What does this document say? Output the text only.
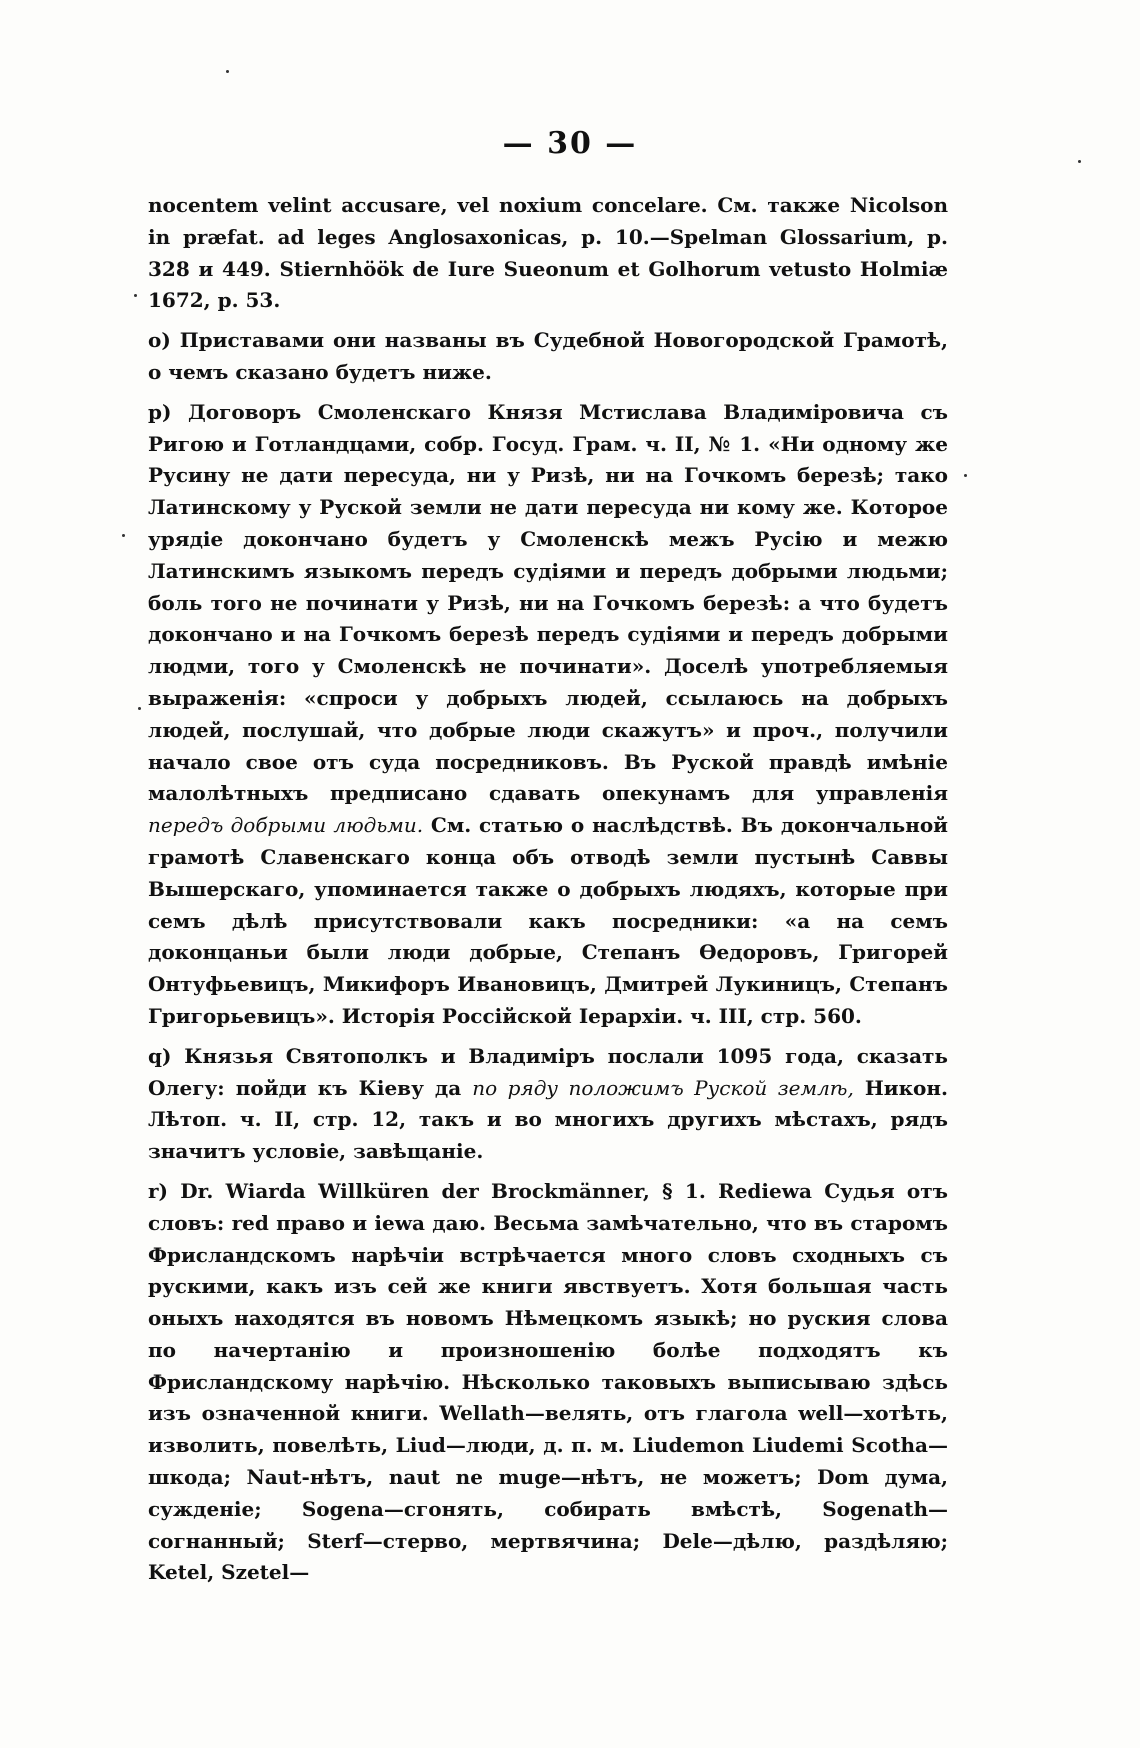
— 30 —

nocentem velint accusare, vel noxium concelare. См. также Nicolson in præfat. ad leges Anglosaxonicas, p. 10.—Spelman Glossarium, p. 328 и 449. Stiernhöök de Iure Sueonum et Golhorum vetusto Holmiæ 1672, p. 53.

о) Приставами они названы въ Судебной Новогородской Грамотѣ, о чемъ сказано будетъ ниже.

р) Договоръ Смоленскаго Князя Мстислава Владимiровича съ Ригою и Готландцами, собр. Госуд. Грам. ч. II, № 1. «Ни одному же Русину не дати пересуда, ни у Ризѣ, ни на Гочкомъ березѣ; тако Латинскому у Руской земли не дати пересуда ни кому же. Которое урядiе докончано будетъ у Смоленскѣ межъ Русiю и межю Латинскимъ языкомъ передъ судiями и передъ добрыми людьми; боль того не починати у Ризѣ, ни на Гочкомъ березѣ: а что будетъ докончано и на Гочкомъ березѣ передъ судiями и передъ добрыми людми, того у Смоленскѣ не починати». Доселѣ употребляемыя выраженiя: «спроси у добрыхъ людей, ссылаюсь на добрыхъ людей, послушай, что добрые люди скажутъ» и проч., получили начало свое отъ суда посредниковъ. Въ Руской правдѣ имѣнiе малолѣтныхъ предписано сдавать опекунамъ для управленiя передъ добрыми людьми. См. статью о наслѣдствѣ. Въ докончальной грамотѣ Славенскаго конца объ отводѣ земли пустынѣ Саввы Вышерскаго, упоминается также о добрыхъ людяхъ, которые при семъ дѣлѣ присутствовали какъ посредники: «а на семъ доконцаньи были люди добрые, Степанъ Өедоровъ, Григорей Онтуфьевицъ, Микифоръ Ивановицъ, Дмитрей Лукиницъ, Степанъ Григорьевицъ». Исторiя Россiйской Iерархiи. ч. III, стр. 560.

q) Князья Святополкъ и Владимiръ послали 1095 года, сказать Олегу: пойди къ Кiеву да по ряду положимъ Руской землѣ, Никон. Лѣтоп. ч. II, стр. 12, такъ и во многихъ другихъ мѣстахъ, рядъ значитъ условiе, завѣщанiе.

r) Dr. Wiarda Willküren der Brockmänner, § 1. Rediewa Судья отъ словъ: red право и iewa даю. Весьма замѣчательно, что въ старомъ Фрисландскомъ нарѣчiи встрѣчается много словъ сходныхъ съ рускими, какъ изъ сей же книги явствуетъ. Хотя большая часть оныхъ находятся въ новомъ Нѣмецкомъ языкѣ; но руския слова по начертанiю и произношенiю болѣе подходятъ къ Фрисландскому нарѣчiю. Нѣсколько таковыхъ выписываю здѣсь изъ означенной книги. Wellath—велять, отъ глагола well—хотѣть, изволить, повелѣть, Liud—люди, д. п. м. Liudemon Liudemi Scotha—шкода; Naut-нѣтъ, naut ne muge—нѣтъ, не можетъ; Dom дума, сужденiе; Sogena—сгонять, собирать вмѣстѣ, Sogenath—согнанный; Sterf—стерво, мертвячина; Dele—дѣлю, раздѣляю; Ketel, Szetel—
